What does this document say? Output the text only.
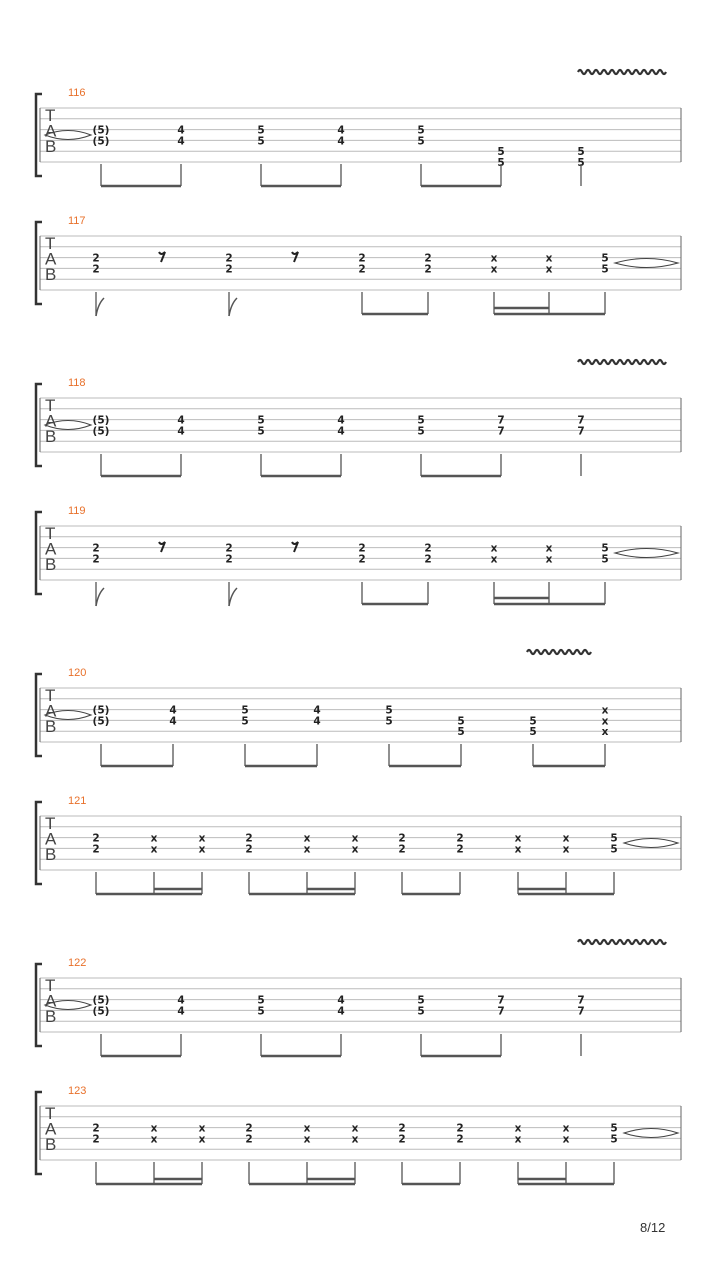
T
A
B
116
(5)
(5)
4
4
5
5
4
4
5
5
5
5
5
5
T
A
B
117
2
2
2
2
2
2
2
2
x
x
x
x
5
5
T
A
B
118
(5)
(5)
4
4
5
5
4
4
5
5
7
7
7
7
T
A
B
119
2
2
2
2
2
2
2
2
x
x
x
x
5
5
T
A
B
120
(5)
(5)
4
4
5
5
4
4
5
5	5
5
5
5
x
x
x
T
A
B
121
2
2
x
x
x
x
2
2
x
x
x
x
2
2
2
2
x
x
x
x
5
5
T
A
B
122
(5)
(5)
4
4
5
5
4
4
5
5
7
7
7
7
T
A
B
123
2
2
x
x
x
x
2
2
x
x
x
x
2
2
2
2
x
x
x
x
5
5
8/12
